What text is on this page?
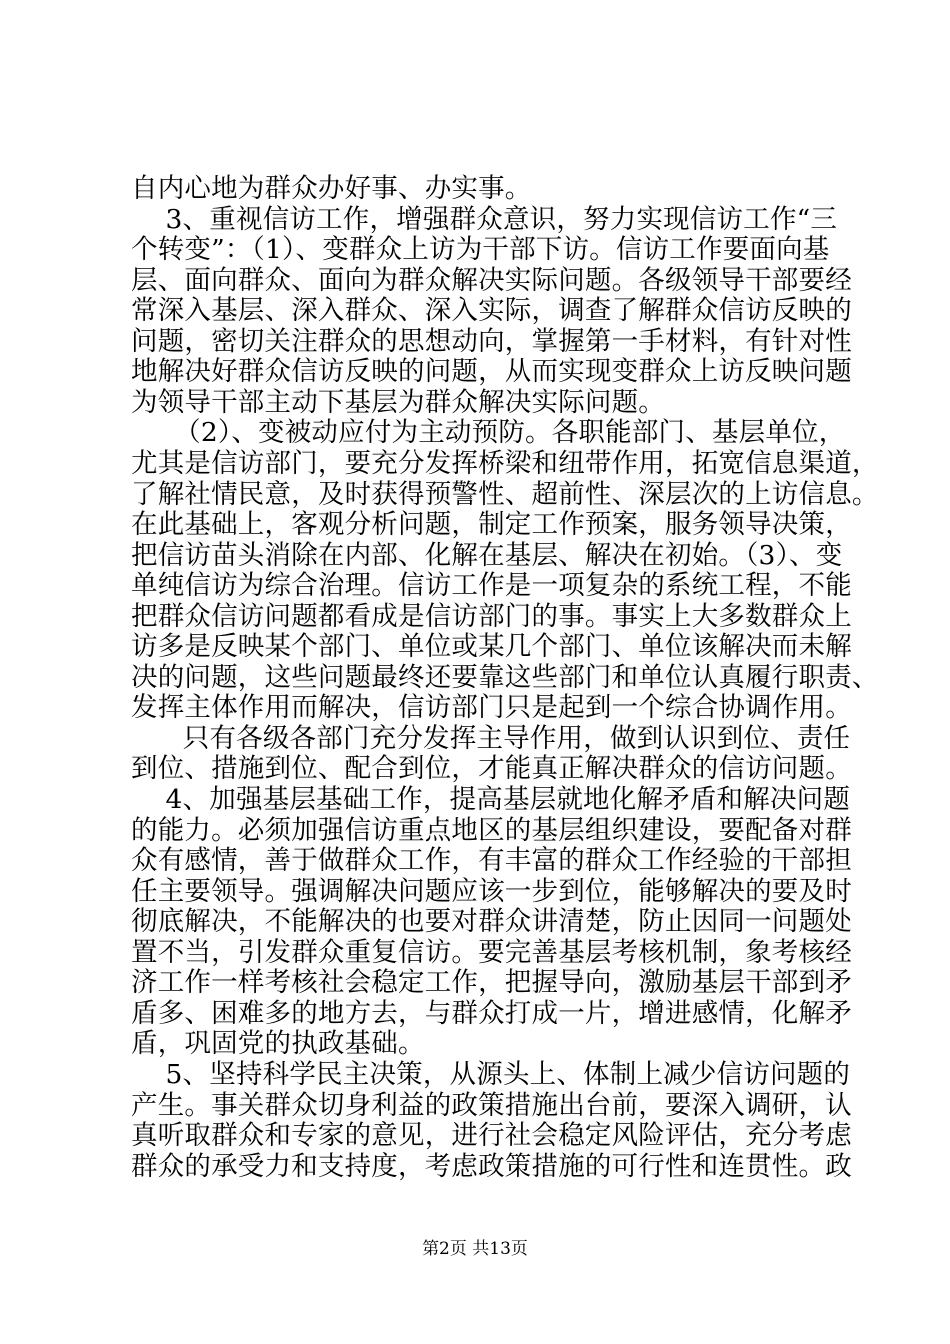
自内心地为群众办好事、办实事。
3、重视信访工作，增强群众意识，努力实现信访工作“三
个转变”：（1）、变群众上访为干部下访。信访工作要面向基
层、面向群众、面向为群众解决实际问题。各级领导干部要经
常深入基层、深入群众、深入实际，调查了解群众信访反映的
问题，密切关注群众的思想动向，掌握第一手材料，有针对性
地解决好群众信访反映的问题，从而实现变群众上访反映问题
为领导干部主动下基层为群众解决实际问题。
（2）、变被动应付为主动预防。各职能部门、基层单位，
尤其是信访部门，要充分发挥桥梁和纽带作用，拓宽信息渠道，
了解社情民意，及时获得预警性、超前性、深层次的上访信息。
在此基础上，客观分析问题，制定工作预案，服务领导决策，
把信访苗头消除在内部、化解在基层、解决在初始。（3）、变
单纯信访为综合治理。信访工作是一项复杂的系统工程，不能
把群众信访问题都看成是信访部门的事。事实上大多数群众上
访多是反映某个部门、单位或某几个部门、单位该解决而未解
决的问题，这些问题最终还要靠这些部门和单位认真履行职责、
发挥主体作用而解决，信访部门只是起到一个综合协调作用。
只有各级各部门充分发挥主导作用，做到认识到位、责任
到位、措施到位、配合到位，才能真正解决群众的信访问题。
4、加强基层基础工作，提高基层就地化解矛盾和解决问题
的能力。必须加强信访重点地区的基层组织建设，要配备对群
众有感情，善于做群众工作，有丰富的群众工作经验的干部担
任主要领导。强调解决问题应该一步到位，能够解决的要及时
彻底解决，不能解决的也要对群众讲清楚，防止因同一问题处
置不当，引发群众重复信访。要完善基层考核机制，象考核经
济工作一样考核社会稳定工作，把握导向，激励基层干部到矛
盾多、困难多的地方去，与群众打成一片，增进感情，化解矛
盾，巩固党的执政基础。
5、坚持科学民主决策，从源头上、体制上减少信访问题的
产生。事关群众切身利益的政策措施出台前，要深入调研，认
真听取群众和专家的意见，进行社会稳定风险评估，充分考虑
群众的承受力和支持度，考虑政策措施的可行性和连贯性。政
第2页 共13页
